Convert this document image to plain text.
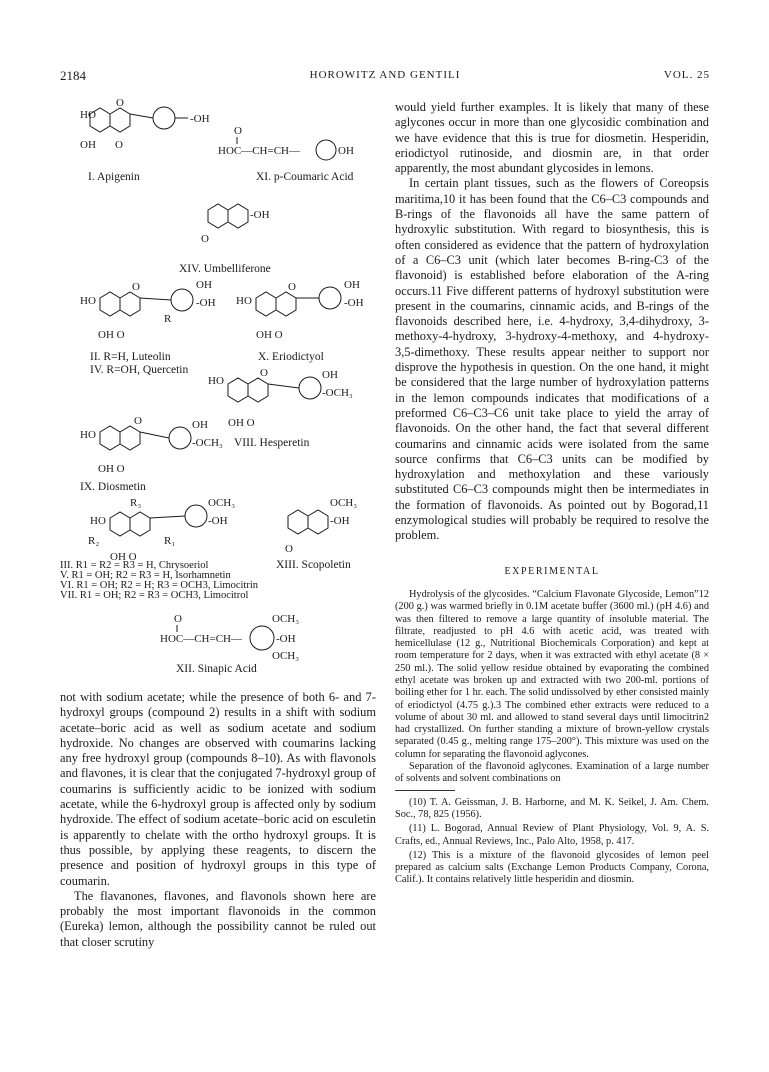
2184	HOROWITZ AND GENTILI	VOL. 25
HO
O
-OH
OH O
I. Apigenin
O
HOC—CH=CH—	OH
XI. p-Coumaric Acid
-OH
O
XIV. Umbelliferone
HO
OH
-OH
R
O
OH O
II. R=H, Luteolin
IV. R=OH, Quercetin
HO
OH
-OH
O
OH O
X. Eriodictyol
HO	OH
-OCH₃
O
OH O
HO
OH
-OCH₃
O
OH O
VIII. Hesperetin
IX. Diosmetin
R₃
HO
OCH₃
-OH
R₂	R₁
OH O
OCH₃
-OH
O
XIII. Scopoletin
III. R1 = R2 = R3 = H, Chrysoeriol
V. R1 = OH; R2 = R3 = H, Isorhamnetin
VI. R1 = OH; R2 = H; R3 = OCH3, Limocitrin
VII. R1 = OH; R2 = R3 = OCH3, Limocitrol
O
HOC—CH=CH—
OCH₃
-OH
OCH₃
XII. Sinapic Acid

not with sodium acetate; while the presence of both 6- and 7-hydroxyl groups (compound 2) results in a shift with sodium acetate–boric acid as well as sodium acetate and sodium hydroxide. No changes are observed with coumarins lacking any free hydroxyl group (compounds 8–10). As with flavonols and flavones, it is clear that the conjugated 7-hydroxyl group of coumarins is sufficiently acidic to be ionized with sodium acetate, while the 6-hydroxyl group is affected only by sodium hydroxide. The effect of sodium acetate–boric acid on esculetin is apparently to chelate with the ortho hydroxyl groups. It is thus possible, by applying these reagents, to discern the presence and position of hydroxyl groups in this type of coumarin.

The flavanones, flavones, and flavonols shown here are probably the most important flavonoids in the common (Eureka) lemon, although the possibility cannot be ruled out that closer scrutiny

would yield further examples. It is likely that many of these aglycones occur in more than one glycosidic combination and we have evidence that this is true for diosmetin. Hesperidin, eriodictyol rutinoside, and diosmin are, in that order apparently, the most abundant glycosides in lemons.

In certain plant tissues, such as the flowers of Coreopsis maritima,10 it has been found that the C6–C3 compounds and B-rings of the flavonoids all have the same pattern of hydroxylic substitution. With regard to biosynthesis, this is often considered as evidence that the pattern of hydroxylation of a C6–C3 unit (which later becomes B-ring-C3 of the flavonoid) is established before elaboration of the A-ring occurs.11 Five different patterns of hydroxyl substitution were present in the coumarins, cinnamic acids, and B-rings of the flavonoids described here, i.e. 4-hydroxy, 3,4-dihydroxy, 3-methoxy-4-hydroxy, 3-hydroxy-4-methoxy, and 4-hydroxy-3,5-dimethoxy. These results appear neither to support nor disprove the hypothesis in question. On the one hand, it might be considered that the large number of hydroxylation patterns in the lemon compounds indicates that modifications of a preformed C6–C3–C6 unit take place to yield the array of flavonoids. On the other hand, the fact that several different coumarins and cinnamic acids were isolated from the same source confirms that C6–C3 units can be modified by hydroxylation and methoxylation and these variously substituted C6–C3 compounds might then be intermediates in the formation of flavonoids. As pointed out by Bogorad,11 enzymological studies will probably be required to resolve the problem.

EXPERIMENTAL

Hydrolysis of the glycosides. “Calcium Flavonate Glycoside, Lemon”12 (200 g.) was warmed briefly in 0.1M acetate buffer (3600 ml.) (pH 4.6) and was then filtered to remove a large quantity of insoluble material. The filtrate, readjusted to pH 4.6 with acetic acid, was treated with hemicellulase (12 g., Nutritional Biochemicals Corporation) and kept at room temperature for 2 days, when it was extracted with ethyl acetate (8 × 250 ml.). The solid yellow residue obtained by evaporating the combined ethyl acetate was broken up and extracted with two 200-ml. portions of boiling ether for 1 hr. each. The solid undissolved by ether consisted mainly of eriodictyol (4.75 g.).3 The combined ether extracts were reduced to a volume of about 30 ml. and allowed to stand several days until limocitrin2 had crystallized. On further standing a mixture of brown-yellow crystals separated (0.45 g., melting range 175–200°). This mixture was used on the column for separating the flavonoid aglycones.

Separation of the flavonoid aglycones. Examination of a large number of solvents and solvent combinations on

(10) T. A. Geissman, J. B. Harborne, and M. K. Seikel, J. Am. Chem. Soc., 78, 825 (1956).

(11) L. Bogorad, Annual Review of Plant Physiology, Vol. 9, A. S. Crafts, ed., Annual Reviews, Inc., Palo Alto, 1958, p. 417.

(12) This is a mixture of the flavonoid glycosides of lemon peel prepared as calcium salts (Exchange Lemon Products Company, Corona, Calif.). It contains relatively little hesperidin and diosmin.
